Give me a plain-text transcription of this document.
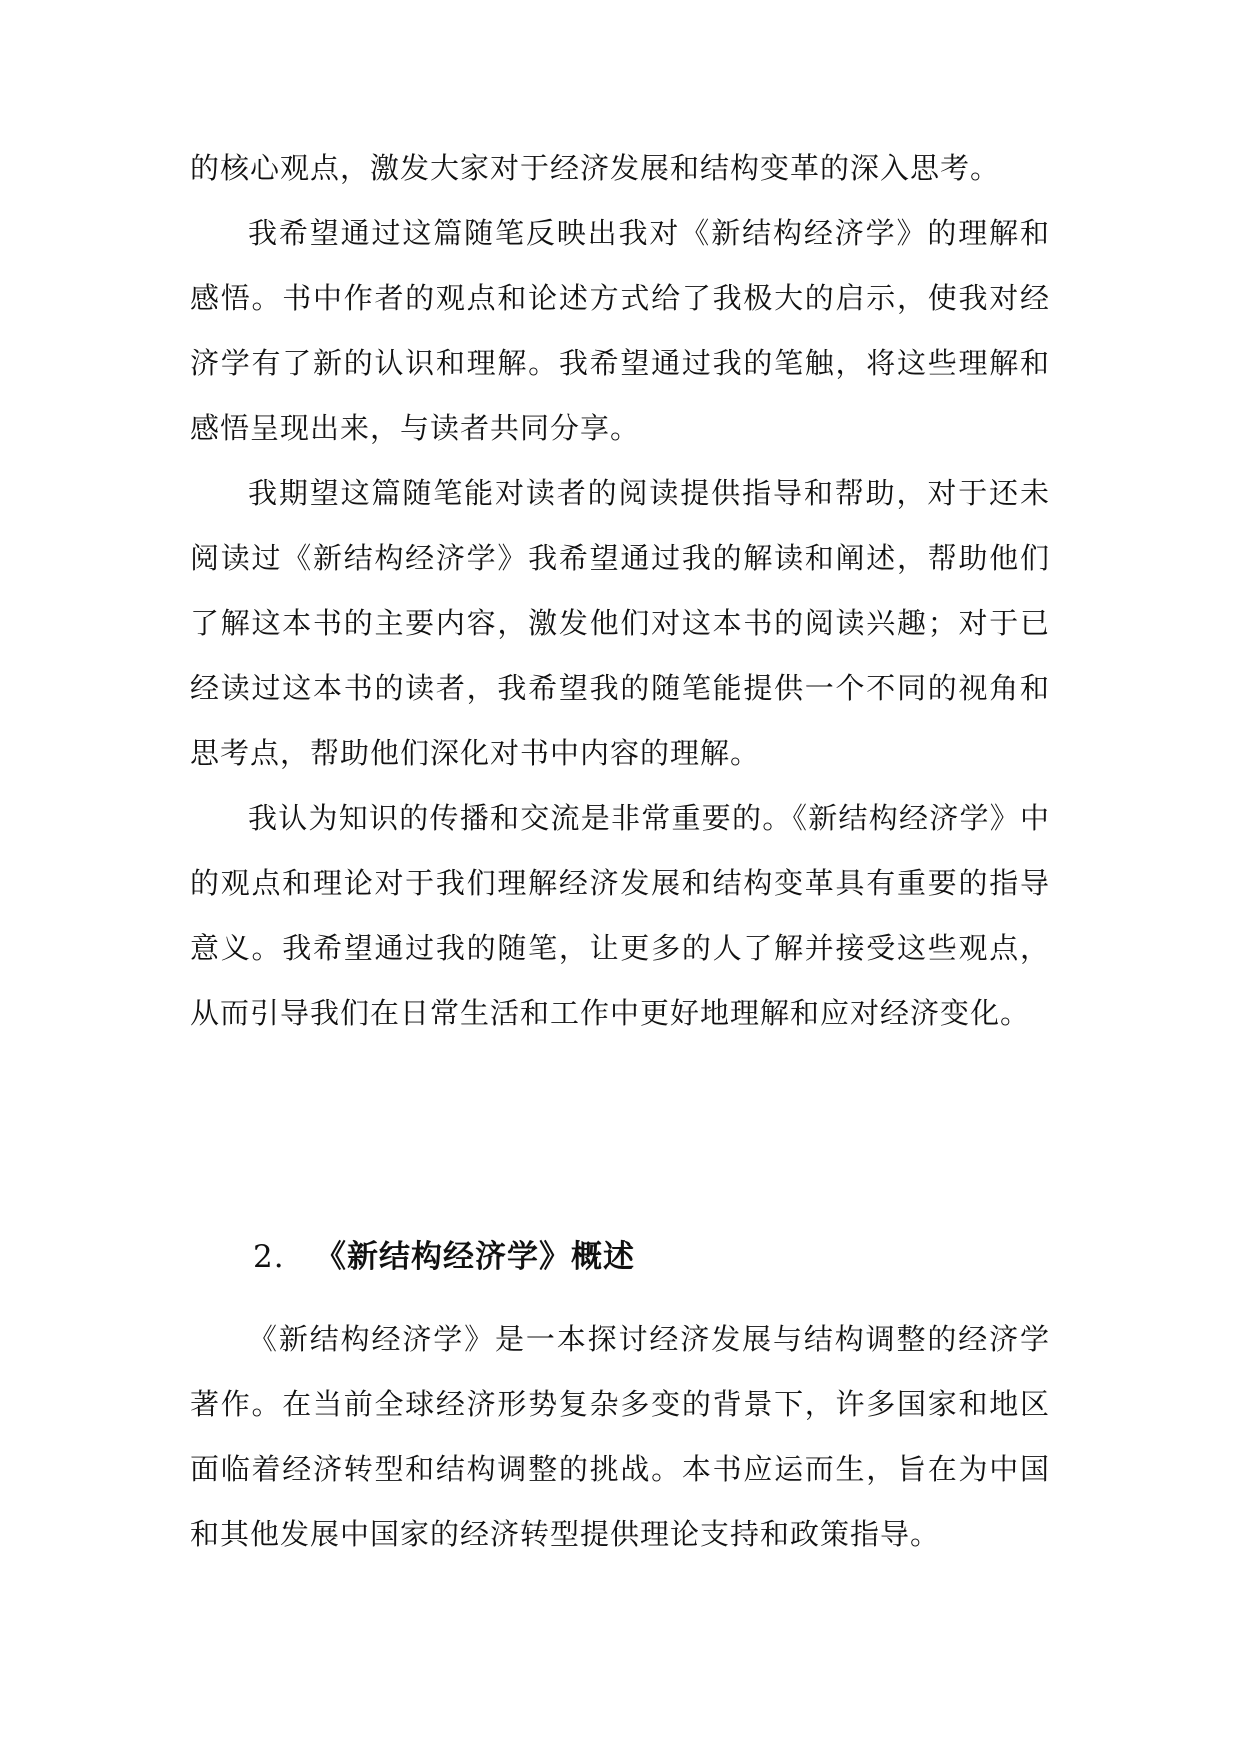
的核心观点，激发大家对于经济发展和结构变革的深入思考。

我希望通过这篇随笔反映出我对《新结构经济学》的理解和感悟。书中作者的观点和论述方式给了我极大的启示，使我对经济学有了新的认识和理解。我希望通过我的笔触，将这些理解和感悟呈现出来，与读者共同分享。

我期望这篇随笔能对读者的阅读提供指导和帮助，对于还未阅读过《新结构经济学》我希望通过我的解读和阐述，帮助他们了解这本书的主要内容，激发他们对这本书的阅读兴趣；对于已经读过这本书的读者，我希望我的随笔能提供一个不同的视角和思考点，帮助他们深化对书中内容的理解。

我认为知识的传播和交流是非常重要的。《新结构经济学》中的观点和理论对于我们理解经济发展和结构变革具有重要的指导意义。我希望通过我的随笔，让更多的人了解并接受这些观点，从而引导我们在日常生活和工作中更好地理解和应对经济变化。

2. 《新结构经济学》概述

《新结构经济学》是一本探讨经济发展与结构调整的经济学著作。在当前全球经济形势复杂多变的背景下，许多国家和地区面临着经济转型和结构调整的挑战。本书应运而生，旨在为中国和其他发展中国家的经济转型提供理论支持和政策指导。
